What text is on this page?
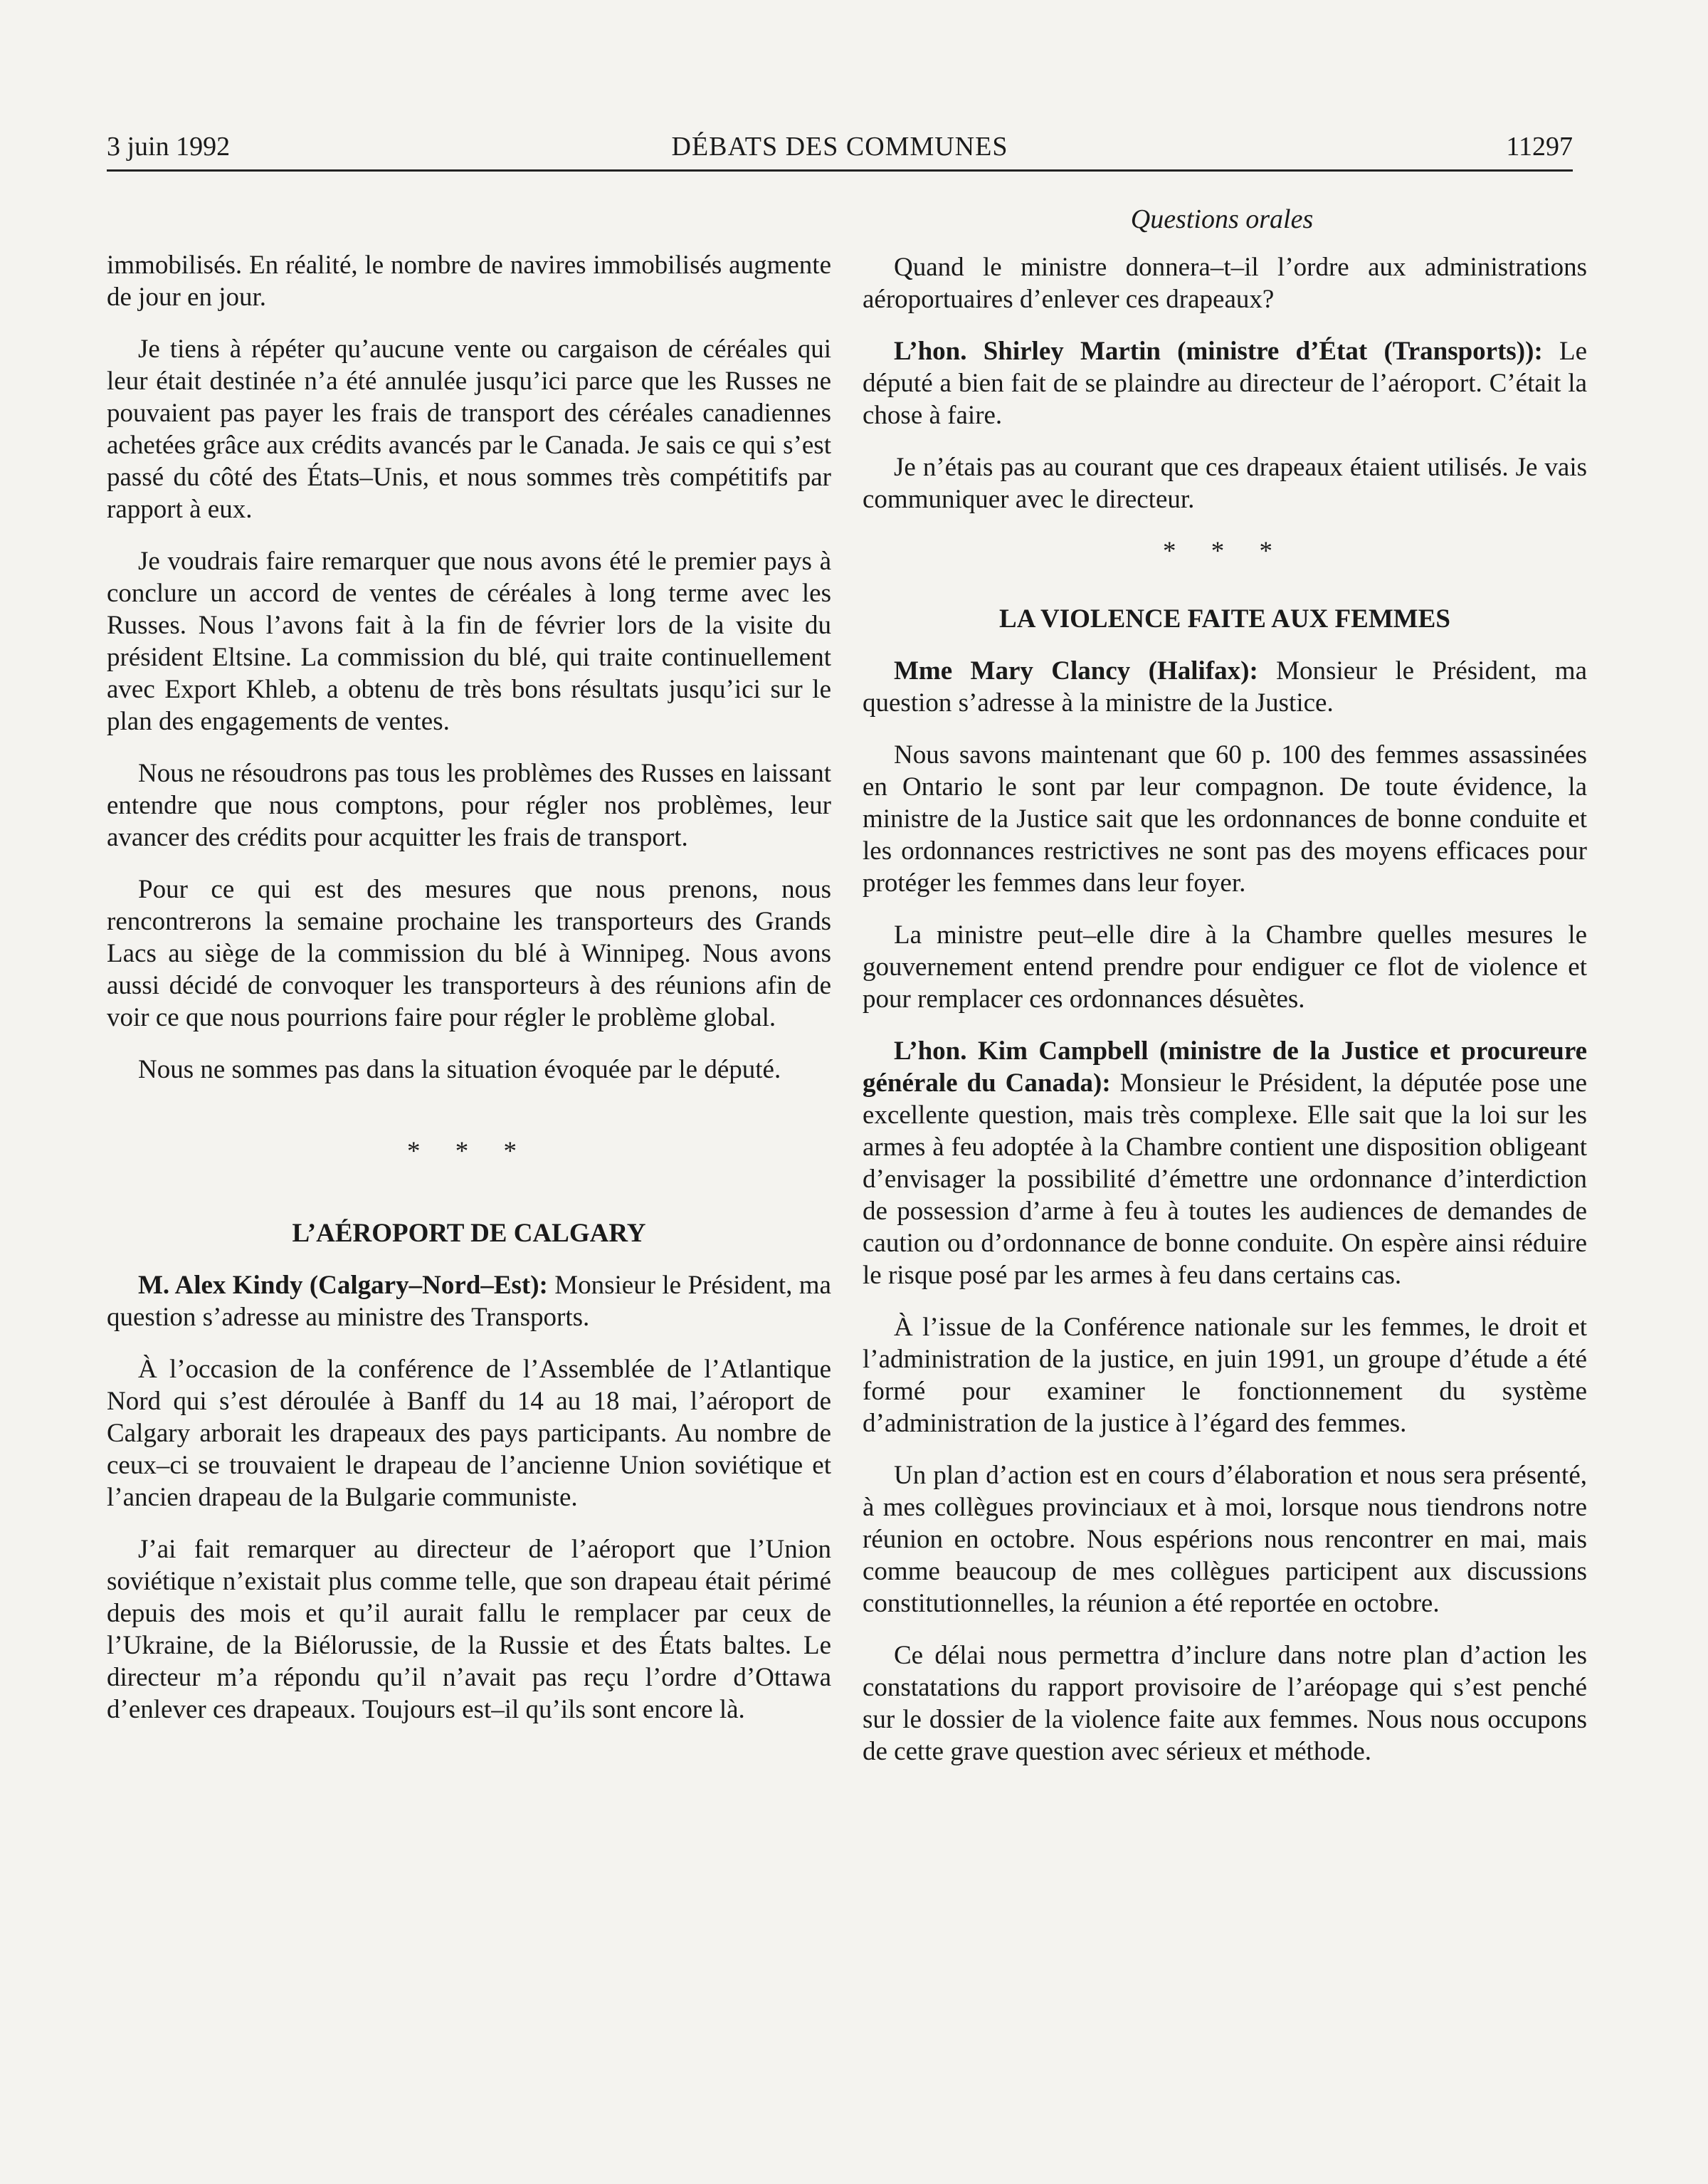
3 juin 1992	DÉBATS DES COMMUNES	11297
Questions orales

immobilisés. En réalité, le nombre de navires immobilisés augmente de jour en jour.

Je tiens à répéter qu’aucune vente ou cargaison de céréales qui leur était destinée n’a été annulée jusqu’ici parce que les Russes ne pouvaient pas payer les frais de transport des céréales canadiennes achetées grâce aux crédits avancés par le Canada. Je sais ce qui s’est passé du côté des États–Unis, et nous sommes très compétitifs par rapport à eux.

Je voudrais faire remarquer que nous avons été le premier pays à conclure un accord de ventes de céréales à long terme avec les Russes. Nous l’avons fait à la fin de février lors de la visite du président Eltsine. La commission du blé, qui traite continuellement avec Export Khleb, a obtenu de très bons résultats jusqu’ici sur le plan des engagements de ventes.

Nous ne résoudrons pas tous les problèmes des Russes en laissant entendre que nous comptons, pour régler nos problèmes, leur avancer des crédits pour acquitter les frais de transport.

Pour ce qui est des mesures que nous prenons, nous rencontrerons la semaine prochaine les transporteurs des Grands Lacs au siège de la commission du blé à Winnipeg. Nous avons aussi décidé de convoquer les transporteurs à des réunions afin de voir ce que nous pourrions faire pour régler le problème global.

Nous ne sommes pas dans la situation évoquée par le député.

* * *
L’AÉROPORT DE CALGARY

M. Alex Kindy (Calgary–Nord–Est): Monsieur le Président, ma question s’adresse au ministre des Transports.

À l’occasion de la conférence de l’Assemblée de l’Atlantique Nord qui s’est déroulée à Banff du 14 au 18 mai, l’aéroport de Calgary arborait les drapeaux des pays participants. Au nombre de ceux–ci se trouvaient le drapeau de l’ancienne Union soviétique et l’ancien drapeau de la Bulgarie communiste.

J’ai fait remarquer au directeur de l’aéroport que l’Union soviétique n’existait plus comme telle, que son drapeau était périmé depuis des mois et qu’il aurait fallu le remplacer par ceux de l’Ukraine, de la Biélorussie, de la Russie et des États baltes. Le directeur m’a répondu qu’il n’avait pas reçu l’ordre d’Ottawa d’enlever ces drapeaux. Toujours est–il qu’ils sont encore là.

Quand le ministre donnera–t–il l’ordre aux administrations aéroportuaires d’enlever ces drapeaux?

L’hon. Shirley Martin (ministre d’État (Transports)): Le député a bien fait de se plaindre au directeur de l’aéroport. C’était la chose à faire.

Je n’étais pas au courant que ces drapeaux étaient utilisés. Je vais communiquer avec le directeur.

* * *
LA VIOLENCE FAITE AUX FEMMES

Mme Mary Clancy (Halifax): Monsieur le Président, ma question s’adresse à la ministre de la Justice.

Nous savons maintenant que 60 p. 100 des femmes assassinées en Ontario le sont par leur compagnon. De toute évidence, la ministre de la Justice sait que les ordonnances de bonne conduite et les ordonnances restrictives ne sont pas des moyens efficaces pour protéger les femmes dans leur foyer.

La ministre peut–elle dire à la Chambre quelles mesures le gouvernement entend prendre pour endiguer ce flot de violence et pour remplacer ces ordonnances désuètes.

L’hon. Kim Campbell (ministre de la Justice et procureure générale du Canada): Monsieur le Président, la députée pose une excellente question, mais très complexe. Elle sait que la loi sur les armes à feu adoptée à la Chambre contient une disposition obligeant d’envisager la possibilité d’émettre une ordonnance d’interdiction de possession d’arme à feu à toutes les audiences de demandes de caution ou d’ordonnance de bonne conduite. On espère ainsi réduire le risque posé par les armes à feu dans certains cas.

À l’issue de la Conférence nationale sur les femmes, le droit et l’administration de la justice, en juin 1991, un groupe d’étude a été formé pour examiner le fonctionnement du système d’administration de la justice à l’égard des femmes.

Un plan d’action est en cours d’élaboration et nous sera présenté, à mes collègues provinciaux et à moi, lorsque nous tiendrons notre réunion en octobre. Nous espérions nous rencontrer en mai, mais comme beaucoup de mes collègues participent aux discussions constitutionnelles, la réunion a été reportée en octobre.

Ce délai nous permettra d’inclure dans notre plan d’action les constatations du rapport provisoire de l’aréopage qui s’est penché sur le dossier de la violence faite aux femmes. Nous nous occupons de cette grave question avec sérieux et méthode.
